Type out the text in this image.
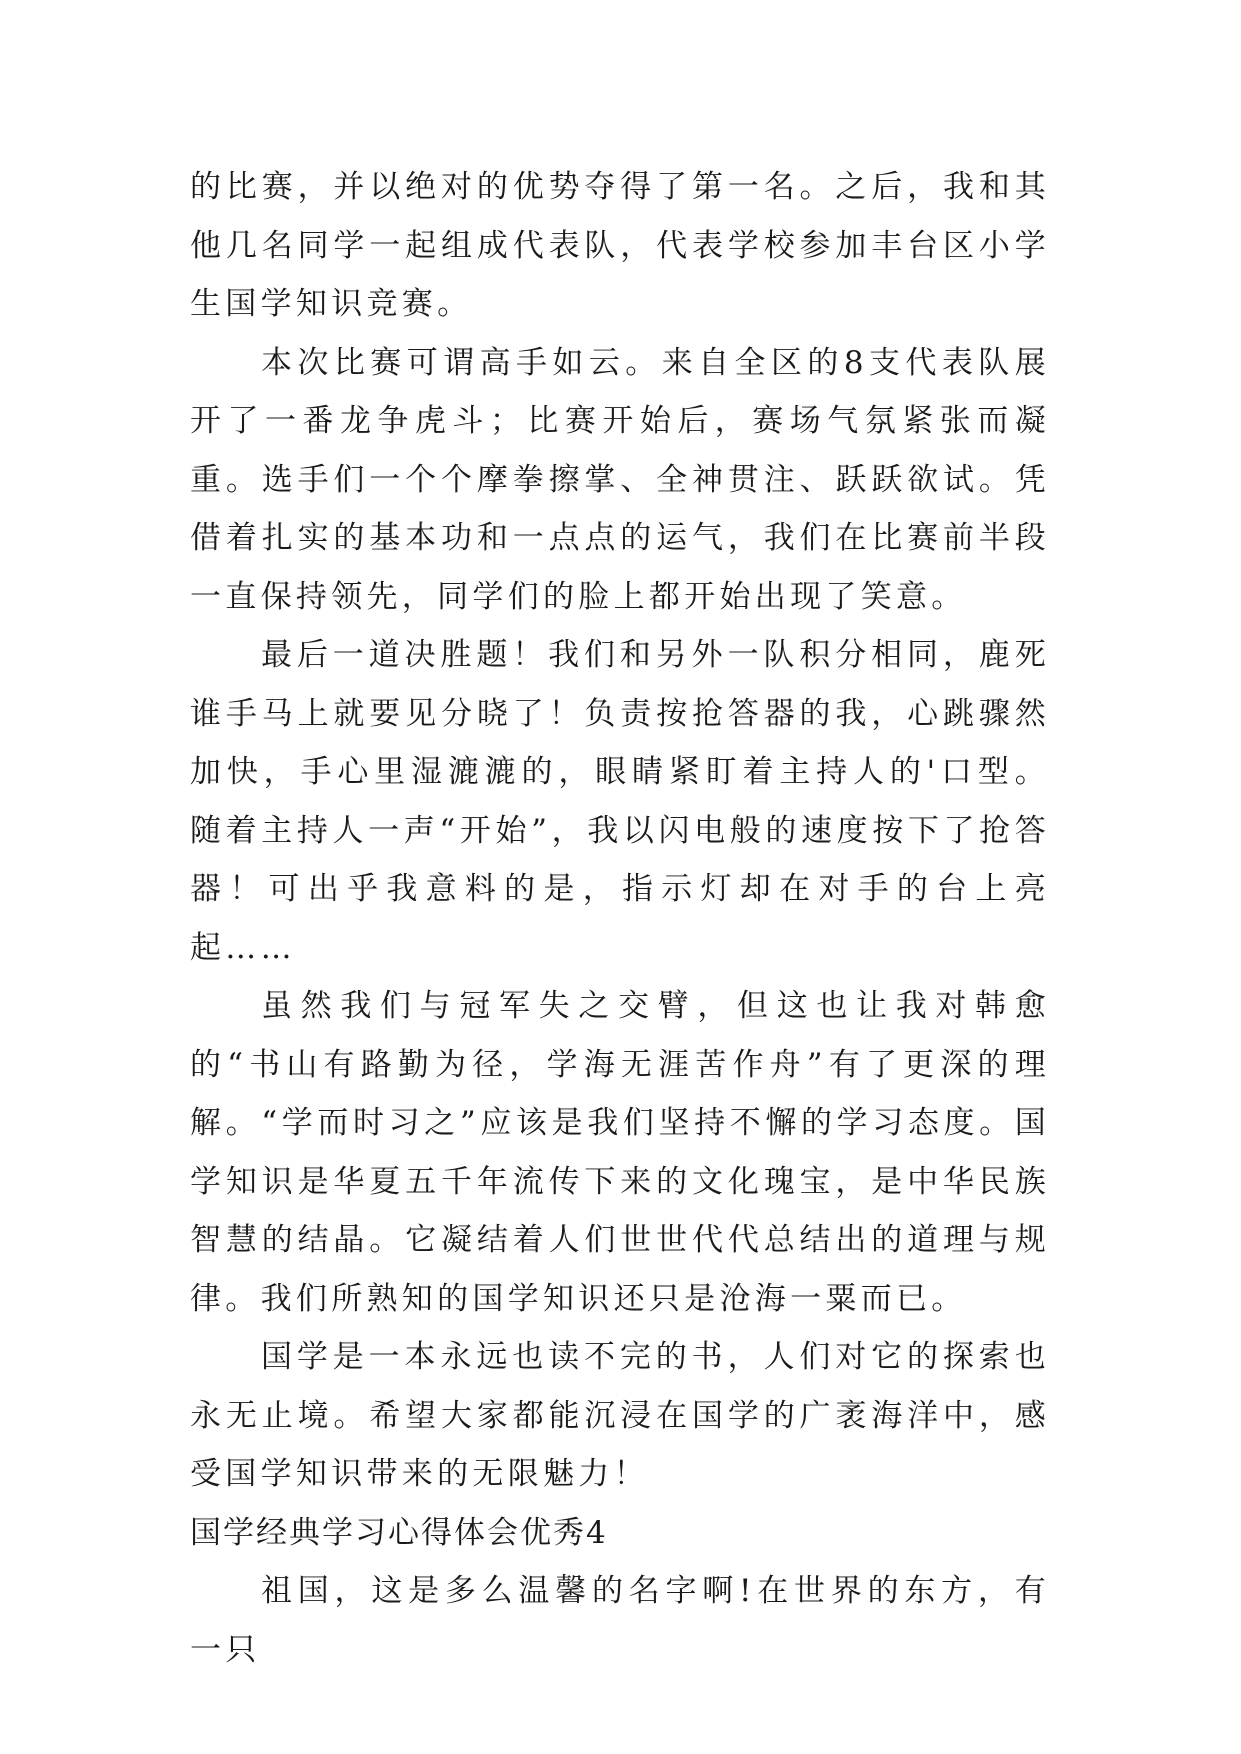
的比赛，并以绝对的优势夺得了第一名。之后，我和其他几名同学一起组成代表队，代表学校参加丰台区小学生国学知识竞赛。

本次比赛可谓高手如云。来自全区的8支代表队展开了一番龙争虎斗；比赛开始后，赛场气氛紧张而凝重。选手们一个个摩拳擦掌、全神贯注、跃跃欲试。凭借着扎实的基本功和一点点的运气，我们在比赛前半段一直保持领先，同学们的脸上都开始出现了笑意。

最后一道决胜题！我们和另外一队积分相同，鹿死谁手马上就要见分晓了！负责按抢答器的我，心跳骤然加快，手心里湿漉漉的，眼睛紧盯着主持人的'口型。随着主持人一声“开始”，我以闪电般的速度按下了抢答器！可出乎我意料的是，指示灯却在对手的台上亮起……

虽然我们与冠军失之交臂，但这也让我对韩愈的“书山有路勤为径，学海无涯苦作舟”有了更深的理解。“学而时习之”应该是我们坚持不懈的学习态度。国学知识是华夏五千年流传下来的文化瑰宝，是中华民族智慧的结晶。它凝结着人们世世代代总结出的道理与规律。我们所熟知的国学知识还只是沧海一粟而已。

国学是一本永远也读不完的书，人们对它的探索也永无止境。希望大家都能沉浸在国学的广袤海洋中，感受国学知识带来的无限魅力！

国学经典学习心得体会优秀4

祖国，这是多么温馨的名字啊!在世界的东方，有一只
